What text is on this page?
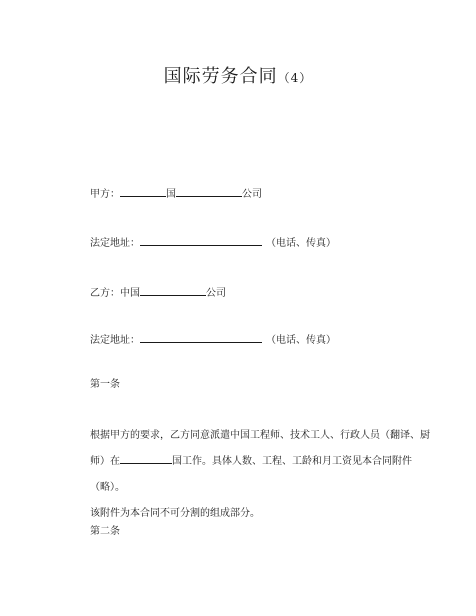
国际劳务合同（4）
甲方：	国	公司
法定地址：	（电话、传真）
乙方：中国	公司
法定地址：	（电话、传真）
第一条
根据甲方的要求，乙方同意派遣中国工程师、技术工人、行政人员（翻译、厨
师）在	国工作。具体人数、工程、工龄和月工资见本合同附件（略）。
该附件为本合同不可分割的组成部分。
第二条
